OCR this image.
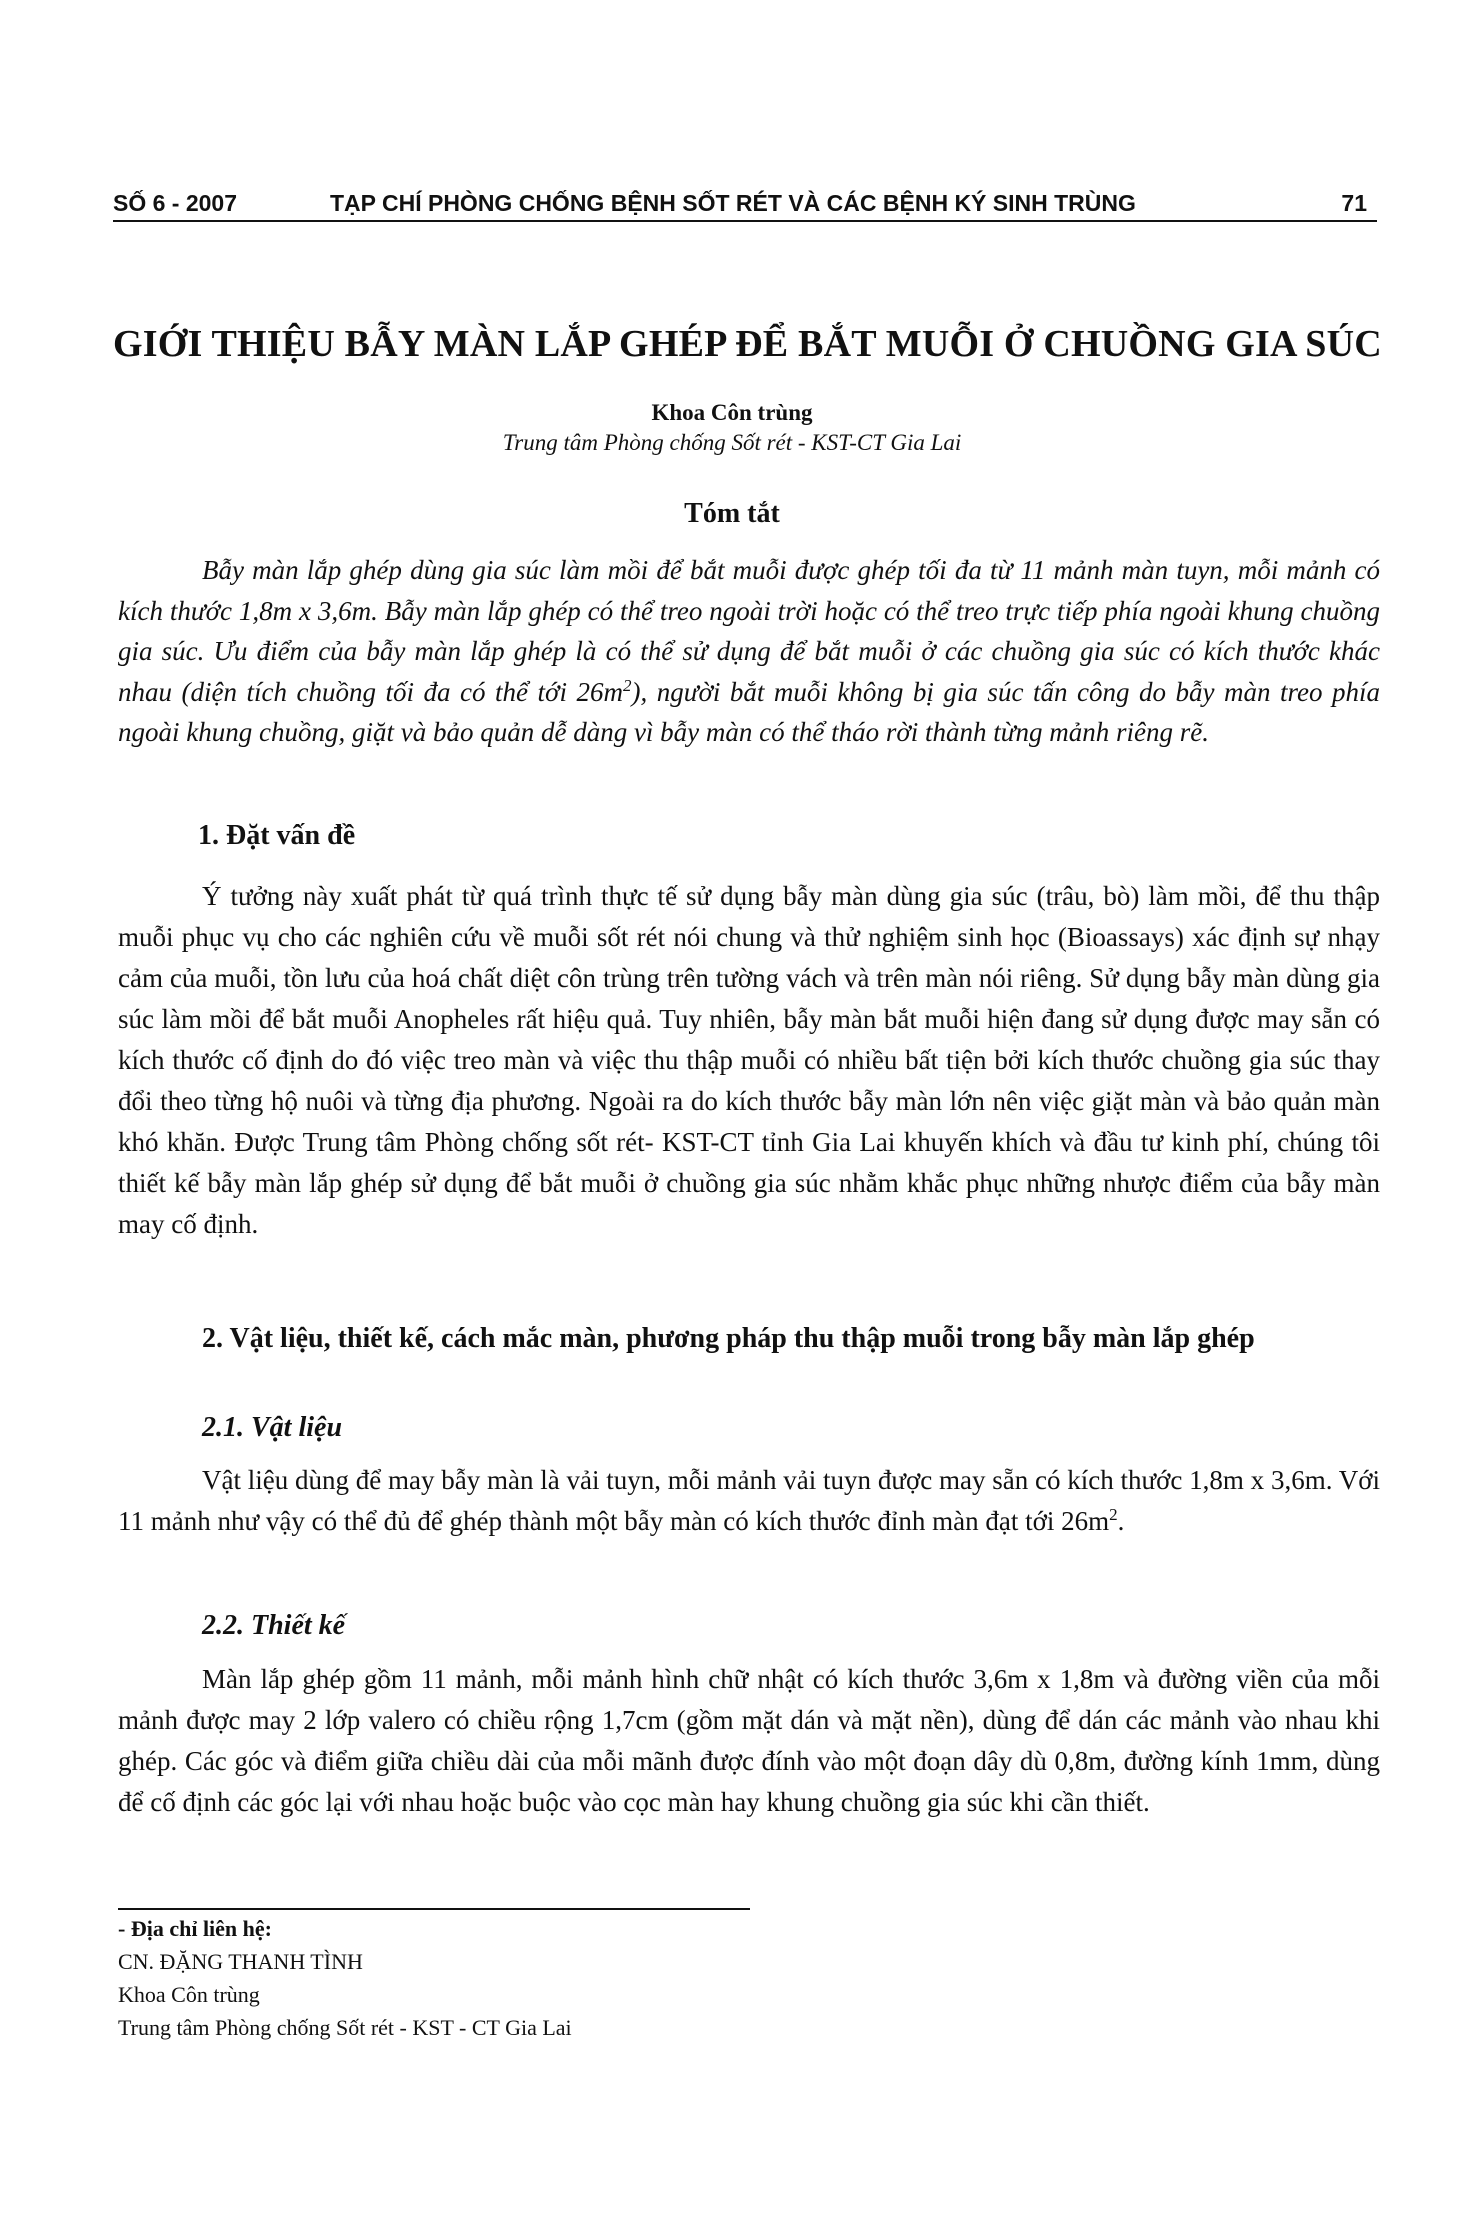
SỐ 6 - 2007	TẠP CHÍ PHÒNG CHỐNG BỆNH SỐT RÉT VÀ CÁC BỆNH KÝ SINH TRÙNG	71
GIỚI THIỆU BẪY MÀN LẮP GHÉP ĐỂ BẮT MUỖI Ở CHUỒNG GIA SÚC
Khoa Côn trùng
Trung tâm Phòng chống Sốt rét - KST-CT Gia Lai
Tóm tắt

Bẫy màn lắp ghép dùng gia súc làm mồi để bắt muỗi được ghép tối đa từ 11 mảnh màn tuyn, mỗi mảnh có kích thước 1,8m x 3,6m. Bẫy màn lắp ghép có thể treo ngoài trời hoặc có thể treo trực tiếp phía ngoài khung chuồng gia súc. Ưu điểm của bẫy màn lắp ghép là có thể sử dụng để bắt muỗi ở các chuồng gia súc có kích thước khác nhau (diện tích chuồng tối đa có thể tới $26m^2$), người bắt muỗi không bị gia súc tấn công do bẫy màn treo phía ngoài khung chuồng, giặt và bảo quản dễ dàng vì bẫy màn có thể tháo rời thành từng mảnh riêng rẽ.

1. Đặt vấn đề

Ý tưởng này xuất phát từ quá trình thực tế sử dụng bẫy màn dùng gia súc (trâu, bò) làm mồi, để thu thập muỗi phục vụ cho các nghiên cứu về muỗi sốt rét nói chung và thử nghiệm sinh học (Bioassays) xác định sự nhạy cảm của muỗi, tồn lưu của hoá chất diệt côn trùng trên tường vách và trên màn nói riêng. Sử dụng bẫy màn dùng gia súc làm mồi để bắt muỗi Anopheles rất hiệu quả. Tuy nhiên, bẫy màn bắt muỗi hiện đang sử dụng được may sẵn có kích thước cố định do đó việc treo màn và việc thu thập muỗi có nhiều bất tiện bởi kích thước chuồng gia súc thay đổi theo từng hộ nuôi và từng địa phương. Ngoài ra do kích thước bẫy màn lớn nên việc giặt màn và bảo quản màn khó khăn. Được Trung tâm Phòng chống sốt rét- KST-CT tỉnh Gia Lai khuyến khích và đầu tư kinh phí, chúng tôi thiết kế bẫy màn lắp ghép sử dụng để bắt muỗi ở chuồng gia súc nhằm khắc phục những nhược điểm của bẫy màn may cố định.

2. Vật liệu, thiết kế, cách mắc màn, phương pháp thu thập muỗi trong bẫy màn lắp ghép
2.1. Vật liệu

Vật liệu dùng để may bẫy màn là vải tuyn, mỗi mảnh vải tuyn được may sẵn có kích thước 1,8m x 3,6m. Với 11 mảnh như vậy có thể đủ để ghép thành một bẫy màn có kích thước đỉnh màn đạt tới $26m^2$.

2.2. Thiết kế

Màn lắp ghép gồm 11 mảnh, mỗi mảnh hình chữ nhật có kích thước 3,6m x 1,8m và đường viền của mỗi mảnh được may 2 lớp valero có chiều rộng 1,7cm (gồm mặt dán và mặt nền), dùng để dán các mảnh vào nhau khi ghép. Các góc và điểm giữa chiều dài của mỗi mãnh được đính vào một đoạn dây dù 0,8m, đường kính 1mm, dùng để cố định các góc lại với nhau hoặc buộc vào cọc màn hay khung chuồng gia súc khi cần thiết.

- Địa chỉ liên hệ:
CN. ĐẶNG THANH TÌNH
Khoa Côn trùng
Trung tâm Phòng chống Sốt rét - KST - CT Gia Lai
